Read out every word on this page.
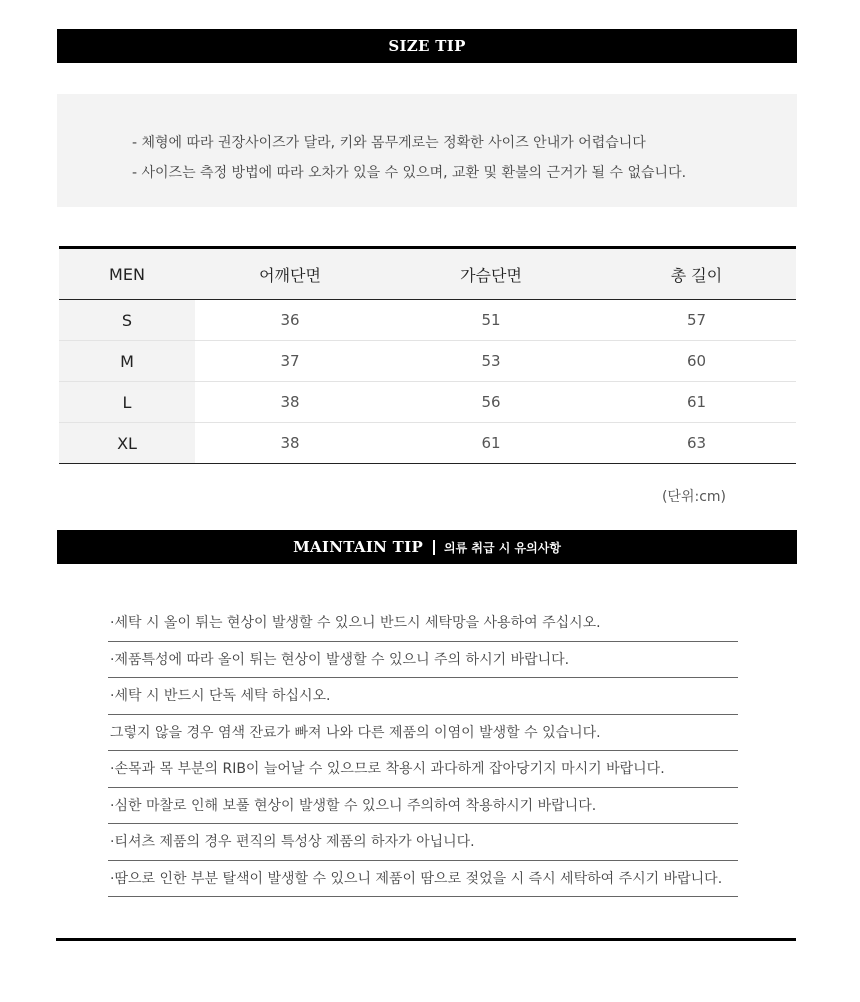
SIZE TIP

- 체형에 따라 권장사이즈가 달라, 키와 몸무게로는 정확한 사이즈 안내가 어렵습니다

- 사이즈는 측정 방법에 따라 오차가 있을 수 있으며, 교환 및 환불의 근거가 될 수 없습니다.

MEN	어깨단면	가슴단면	총 길이
S	36	51	57
M	37	53	60
L	38	56	61
XL	38	61	63
(단위:cm)
MAINTAIN TIP 의류 취급 시 유의사항
·세탁 시 올이 튀는 현상이 발생할 수 있으니 반드시 세탁망을 사용하여 주십시오.
·제품특성에 따라 올이 튀는 현상이 발생할 수 있으니 주의 하시기 바랍니다.
·세탁 시 반드시 단독 세탁 하십시오.
그렇지 않을 경우 염색 잔료가 빠져 나와 다른 제품의 이염이 발생할 수 있습니다.
·손목과 목 부분의 RIB이 늘어날 수 있으므로 착용시 과다하게 잡아당기지 마시기 바랍니다.
·심한 마찰로 인해 보풀 현상이 발생할 수 있으니 주의하여 착용하시기 바랍니다.
·티셔츠 제품의 경우 편직의 특성상 제품의 하자가 아닙니다.
·땀으로 인한 부분 탈색이 발생할 수 있으니 제품이 땀으로 젖었을 시 즉시 세탁하여 주시기 바랍니다.
